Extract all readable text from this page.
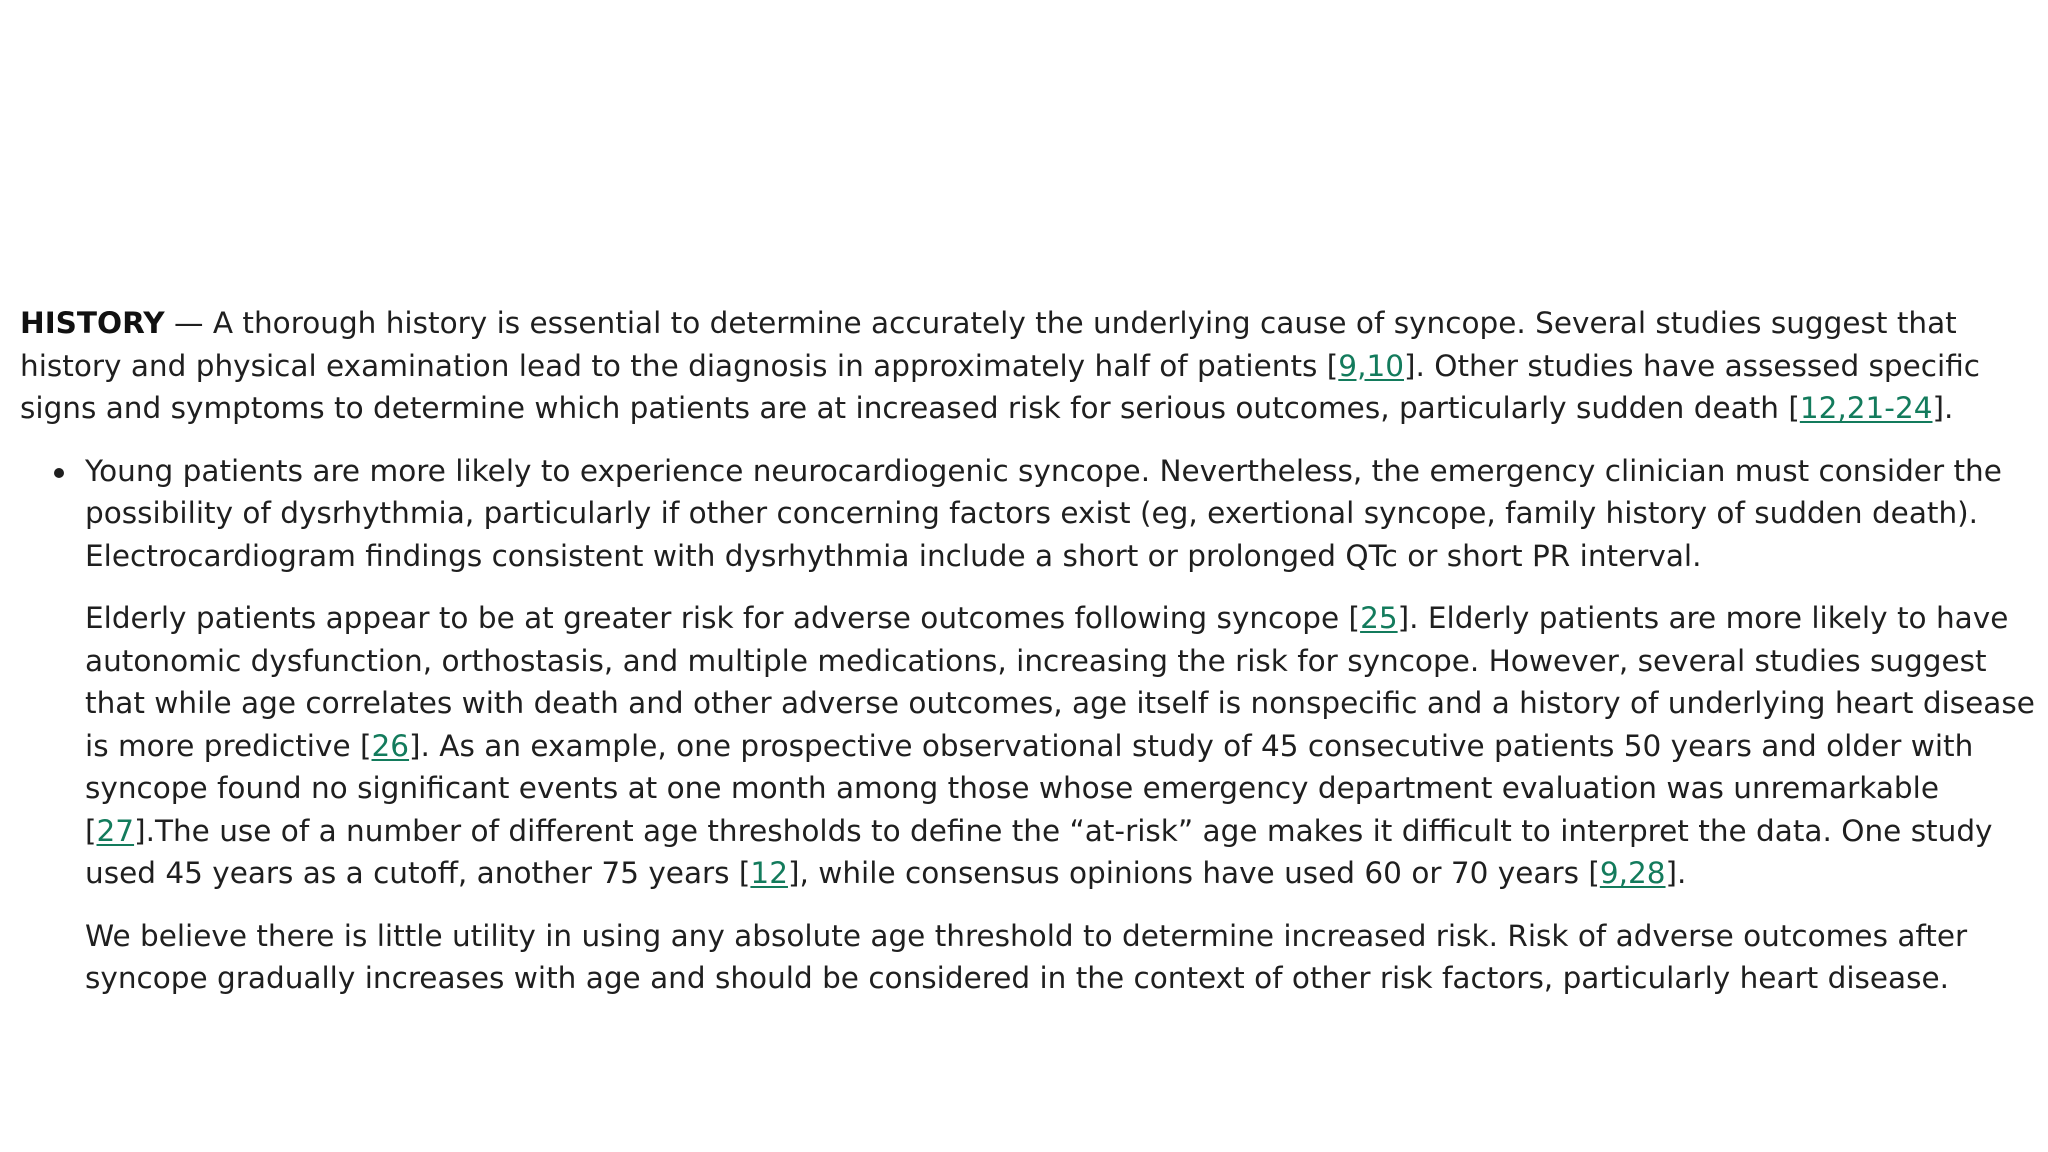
HISTORY — A thorough history is essential to determine accurately the underlying cause of syncope. Several studies suggest that history and physical examination lead to the diagnosis in approximately half of patients [9,10]. Other studies have assessed specific signs and symptoms to determine which patients are at increased risk for serious outcomes, particularly sudden death [12,21-24].

Young patients are more likely to experience neurocardiogenic syncope. Nevertheless, the emergency clinician must consider the possibility of dysrhythmia, particularly if other concerning factors exist (eg, exertional syncope, family history of sudden death). Electrocardiogram findings consistent with dysrhythmia include a short or prolonged QTc or short PR interval.

Elderly patients appear to be at greater risk for adverse outcomes following syncope [25]. Elderly patients are more likely to have autonomic dysfunction, orthostasis, and multiple medications, increasing the risk for syncope. However, several studies suggest that while age correlates with death and other adverse outcomes, age itself is nonspecific and a history of underlying heart disease is more predictive [26]. As an example, one prospective observational study of 45 consecutive patients 50 years and older with syncope found no significant events at one month among those whose emergency department evaluation was unremarkable [27].The use of a number of different age thresholds to define the “at-risk” age makes it difficult to interpret the data. One study used 45 years as a cutoff, another 75 years [12], while consensus opinions have used 60 or 70 years [9,28].

We believe there is little utility in using any absolute age threshold to determine increased risk. Risk of adverse outcomes after syncope gradually increases with age and should be considered in the context of other risk factors, particularly heart disease.
